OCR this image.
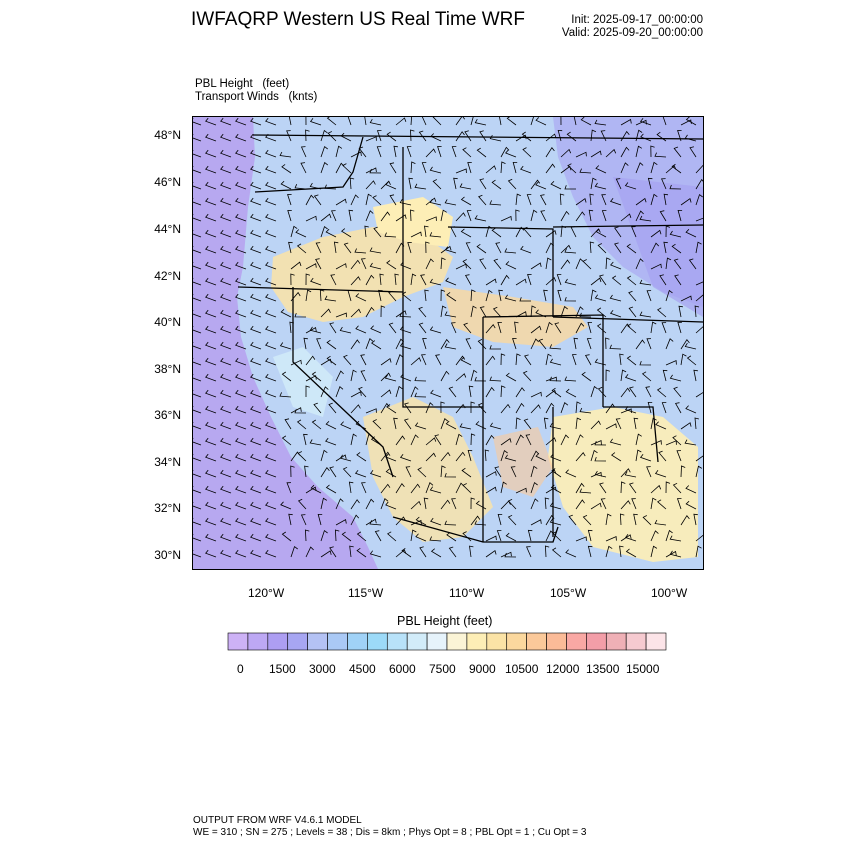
IWFAQRP Western US Real Time WRF	Init: 2025-09-17_00:00:00
Valid: 2025-09-20_00:00:00
PBL Height (feet)
Transport Winds (knts)
48°N
46°N
44°N
42°N
40°N
38°N
36°N
34°N
32°N
30°N
120°W	115°W	110°W	105°W	100°W
PBL Height (feet)
0 1500 3000 4500 6000 7500 9000 10500 12000 13500 15000
OUTPUT FROM WRF V4.6.1 MODEL
WE = 310 ; SN = 275 ; Levels = 38 ; Dis = 8km ; Phys Opt = 8 ; PBL Opt = 1 ; Cu Opt = 3
